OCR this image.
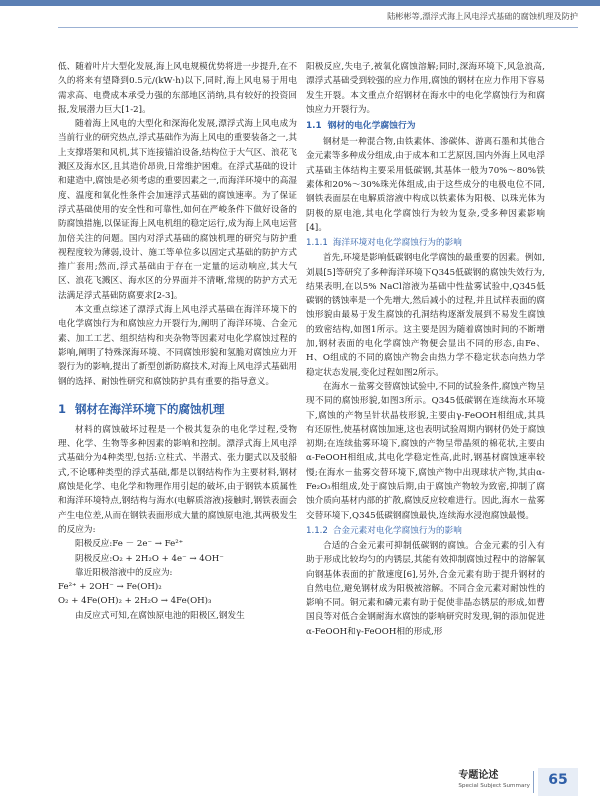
陆彬彬等,漂浮式海上风电浮式基础的腐蚀机理及防护

低、随着叶片大型化发展,海上风电规模优势将进一步提升,在不久的将来有望降到0.5元/(kW·h)以下,同时,海上风电易于用电需求高、电费成本承受力强的东部地区消纳,具有较好的投资回报,发展潜力巨大[1-2]。

随着海上风电的大型化和深海化发展,漂浮式海上风电成为当前行业的研究热点,浮式基础作为海上风电的重要装备之一,其上支撑塔架和风机,其下连接锚泊设备,结构位于大气区、浪花飞溅区及海水区,且其造价昂贵,日常维护困难。在浮式基础的设计和建造中,腐蚀是必须考虑的重要因素之一,而海洋环境中的高湿度、温度和氧化性条件会加速浮式基础的腐蚀速率。为了保证浮式基础使用的安全性和可靠性,如何在严峻条件下做好设备的防腐蚀措施,以保证海上风电机组的稳定运行,成为海上风电运营加倍关注的问题。国内对浮式基础的腐蚀机理的研究与防护重视程度较为薄弱,设计、施工等单位多以固定式基础的防护方式推广套用;然而,浮式基础由于存在一定量的运动响应,其大气区、浪花飞溅区、海水区的分界面并不清晰,常规的防护方式无法满足浮式基础防腐要求[2-3]。

本文重点综述了漂浮式海上风电浮式基础在海洋环境下的电化学腐蚀行为和腐蚀应力开裂行为,阐明了海洋环境、合金元素、加工工艺、组织结构和夹杂物等因素对电化学腐蚀过程的影响,阐明了特殊深海环境、不同腐蚀形貌和氢脆对腐蚀应力开裂行为的影响,提出了新型创新防腐技术,对海上风电浮式基础用钢的选择、耐蚀性研究和腐蚀防护具有重要的指导意义。

1 钢材在海洋环境下的腐蚀机理

材料的腐蚀破坏过程是一个极其复杂的电化学过程,受物理、化学、生物等多种因素的影响和控制。漂浮式海上风电浮式基础分为4种类型,包括:立柱式、半潜式、张力腿式以及驳船式,不论哪种类型的浮式基础,都是以钢结构作为主要材料,钢材腐蚀是化学、电化学和物理作用引起的破坏,由于钢铁本质属性和海洋环境特点,钢结构与海水(电解质溶液)接触时,钢铁表面会产生电位差,从而在钢铁表面形成大量的腐蚀原电池,其两极发生的反应为:

阳极反应:Fe － 2e⁻ → Fe²⁺
阴极反应:O₂ + 2H₂O + 4e⁻ → 4OH⁻
靠近阳极溶液中的反应为:
Fe²⁺ + 2OH⁻ → Fe(OH)₂
O₂ + 4Fe(OH)₂ + 2H₂O → 4Fe(OH)₃

由反应式可知,在腐蚀原电池的阳极区,钢发生

阳极反应,失电子,被氧化腐蚀溶解;同时,深海环境下,风急浪高,漂浮式基础受到较强的应力作用,腐蚀的钢材在应力作用下容易发生开裂。本文重点介绍钢材在海水中的电化学腐蚀行为和腐蚀应力开裂行为。

1.1 钢材的电化学腐蚀行为

钢材是一种混合物,由铁素体、渗碳体、游离石墨和其他合金元素等多种成分组成,由于成本和工艺原因,国内外海上风电浮式基础主体结构主要采用低碳钢,其基体一般为70%～80%铁素体和20%～30%珠光体组成,由于这些成分的电极电位不同,钢铁表面层在电解质溶液中构成以铁素体为阳极、以珠光体为阴极的原电池,其电化学腐蚀行为较为复杂,受多种因素影响[4]。

1.1.1 海洋环境对电化学腐蚀行为的影响

首先,环境是影响低碳钢电化学腐蚀的最重要的因素。例如,刘晨[5]等研究了多种海洋环境下Q345低碳钢的腐蚀失效行为,结果表明,在以5% NaCl溶液为基础中性盐雾试验中,Q345低碳钢的锈蚀率是一个先增大,然后减小的过程,并且试样表面的腐蚀形貌由最易于发生腐蚀的孔洞结构逐渐发展到不易发生腐蚀的致密结构,如图1所示。这主要是因为随着腐蚀时间的不断增加,钢材表面的电化学腐蚀产物便会显出不同的形态,由Fe、H、O组成的不同的腐蚀产物会由热力学不稳定状态向热力学稳定状态发展,变化过程如图2所示。

在海水－盐雾交替腐蚀试验中,不同的试验条件,腐蚀产物呈现不同的腐蚀形貌,如图3所示。Q345低碳钢在连续海水环境下,腐蚀的产物呈针状晶枝形貌,主要由γ-FeOOH相组成,其具有还原性,使基材腐蚀加速,这也表明试验周期内钢材仍处于腐蚀初期;在连续盐雾环境下,腐蚀的产物呈带晶须的棉花状,主要由α-FeOOH相组成,其电化学稳定性高,此时,钢基材腐蚀速率较慢;在海水－盐雾交替环境下,腐蚀产物中出现球状产物,其由α-Fe₂O₃相组成,处于腐蚀后期,由于腐蚀产物较为致密,抑制了腐蚀介质向基材内部的扩散,腐蚀反应较难进行。因此,海水－盐雾交替环境下,Q345低碳钢腐蚀最快,连续海水浸泡腐蚀最慢。

1.1.2 合金元素对电化学腐蚀行为的影响

合适的合金元素可抑制低碳钢的腐蚀。合金元素的引入有助于形成比较均匀的内锈层,其能有效抑制腐蚀过程中的溶解氧向钢基体表面的扩散速度[6],另外,合金元素有助于提升钢材的自然电位,避免钢材成为阳极被溶解。不同合金元素对耐蚀性的影响不同。铜元素和磷元素有助于促使非晶态锈层的形成,如曹国良等对低合金钢耐海水腐蚀的影响研究时发现,铜的添加促进α-FeOOH和γ-FeOOH相的形成,形

专题论述
Special Subject Summary	65
